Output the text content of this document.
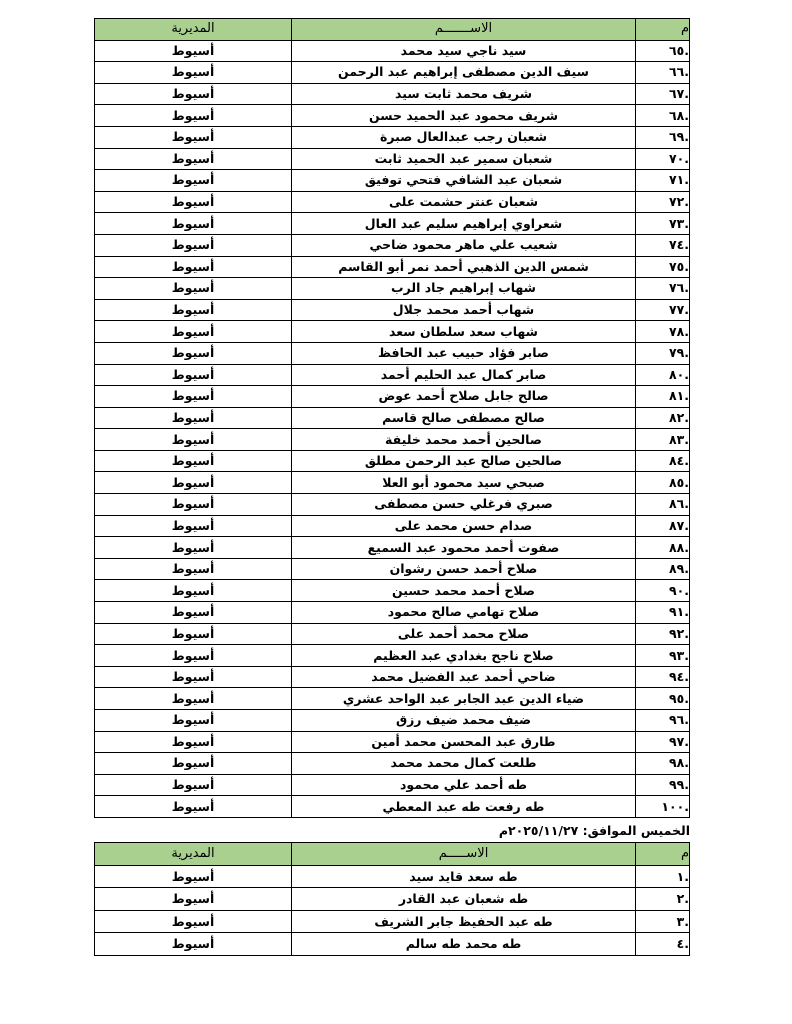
م	الاســـــــم	المديرية
.٦٥	سيد ناجي سيد محمد	أسيوط
.٦٦	سيف الدين مصطفى إبراهيم عبد الرحمن	أسيوط
.٦٧	شريف محمد ثابت سيد	أسيوط
.٦٨	شريف محمود عبد الحميد حسن	أسيوط
.٦٩	شعبان رجب عبدالعال صبرة	أسيوط
.٧٠	شعبان سمير عبد الحميد ثابت	أسيوط
.٧١	شعبان عبد الشافي فتحي توفيق	أسيوط
.٧٢	شعبان عنتر حشمت على	أسيوط
.٧٣	شعراوي إبراهيم سليم عبد العال	أسيوط
.٧٤	شعيب علي ماهر محمود ضاحي	أسيوط
.٧٥	شمس الدين الذهبي أحمد نمر أبو القاسم	أسيوط
.٧٦	شهاب إبراهيم جاد الرب	أسيوط
.٧٧	شهاب أحمد محمد جلال	أسيوط
.٧٨	شهاب سعد سلطان سعد	أسيوط
.٧٩	صابر فؤاد حبيب عبد الحافظ	أسيوط
.٨٠	صابر كمال عبد الحليم أحمد	أسيوط
.٨١	صالح جابل صلاح أحمد عوض	أسيوط
.٨٢	صالح مصطفى صالح قاسم	أسيوط
.٨٣	صالحين أحمد محمد خليفة	أسيوط
.٨٤	صالحين صالح عبد الرحمن مطلق	أسيوط
.٨٥	صبحي سيد محمود أبو العلا	أسيوط
.٨٦	صبري فرغلي حسن مصطفى	أسيوط
.٨٧	صدام حسن محمد على	أسيوط
.٨٨	صفوت أحمد محمود عبد السميع	أسيوط
.٨٩	صلاح أحمد حسن رشوان	أسيوط
.٩٠	صلاح أحمد محمد حسين	أسيوط
.٩١	صلاح تهامي صالح محمود	أسيوط
.٩٢	صلاح محمد أحمد على	أسيوط
.٩٣	صلاح ناجح بغدادي عبد العظيم	أسيوط
.٩٤	ضاحي أحمد عبد الفضيل محمد	أسيوط
.٩٥	ضياء الدين عبد الجابر عبد الواحد عشري	أسيوط
.٩٦	ضيف محمد ضيف رزق	أسيوط
.٩٧	طارق عبد المحسن محمد أمين	أسيوط
.٩٨	طلعت كمال محمد محمد	أسيوط
.٩٩	طه أحمد علي محمود	أسيوط
.١٠٠	طه رفعت طه عبد المعطي	أسيوط
الخميس الموافق: ٢٠٢٥/١١/٢٧م
م	الاســـــم	المديرية
.١	طه سعد قايد سيد	أسيوط
.٢	طه شعبان عبد القادر	أسيوط
.٣	طه عبد الحفيظ جابر الشريف	أسيوط
.٤	طه محمد طه سالم	أسيوط
